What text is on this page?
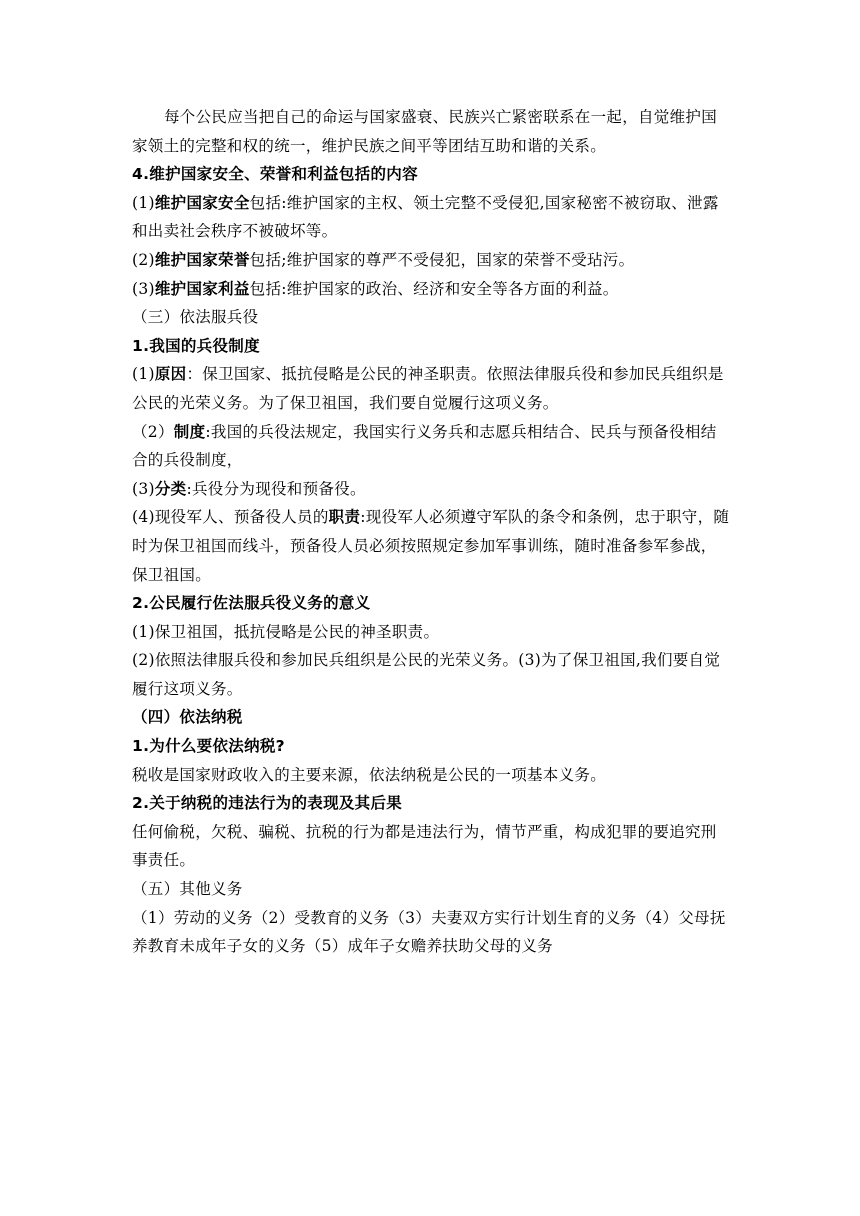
每个公民应当把自己的命运与国家盛衰、民族兴亡紧密联系在一起，自觉维护国家领土的完整和权的统一，维护民族之间平等团结互助和谐的关系。

4.维护国家安全、荣誉和利益包括的内容

(1)维护国家安全包括:维护国家的主权、领土完整不受侵犯,国家秘密不被窃取、泄露和出卖社会秩序不被破坏等。

(2)维护国家荣誉包括;维护国家的尊严不受侵犯，国家的荣誉不受玷污。

(3)维护国家利益包括:维护国家的政治、经济和安全等各方面的利益。

（三）依法服兵役

1.我国的兵役制度

(1)原因：保卫国家、抵抗侵略是公民的神圣职责。依照法律服兵役和参加民兵组织是公民的光荣义务。为了保卫祖国，我们要自觉履行这项义务。

（2）制度:我国的兵役法规定，我国实行义务兵和志愿兵相结合、民兵与预备役相结合的兵役制度，

(3)分类:兵役分为现役和预备役。

(4)现役军人、预备役人员的职责:现役军人必须遵守军队的条令和条例，忠于职守，随时为保卫祖国而线斗，预备役人员必须按照规定参加军事训练，随时准备参军参战，保卫祖国。

2.公民履行佐法服兵役义务的意义

(1)保卫祖国，抵抗侵略是公民的神圣职责。

(2)依照法律服兵役和参加民兵组织是公民的光荣义务。(3)为了保卫祖国,我们要自觉履行这项义务。

（四）依法纳税

1.为什么要依法纳税?

税收是国家财政收入的主要来源，依法纳税是公民的一项基本义务。

2.关于纳税的违法行为的表现及其后果

任何偷税，欠税、骗税、抗税的行为都是违法行为，情节严重，构成犯罪的要追究刑事责任。

（五）其他义务

（1）劳动的义务（2）受教育的义务（3）夫妻双方实行计划生育的义务（4）父母抚养教育未成年子女的义务（5）成年子女赡养扶助父母的义务
